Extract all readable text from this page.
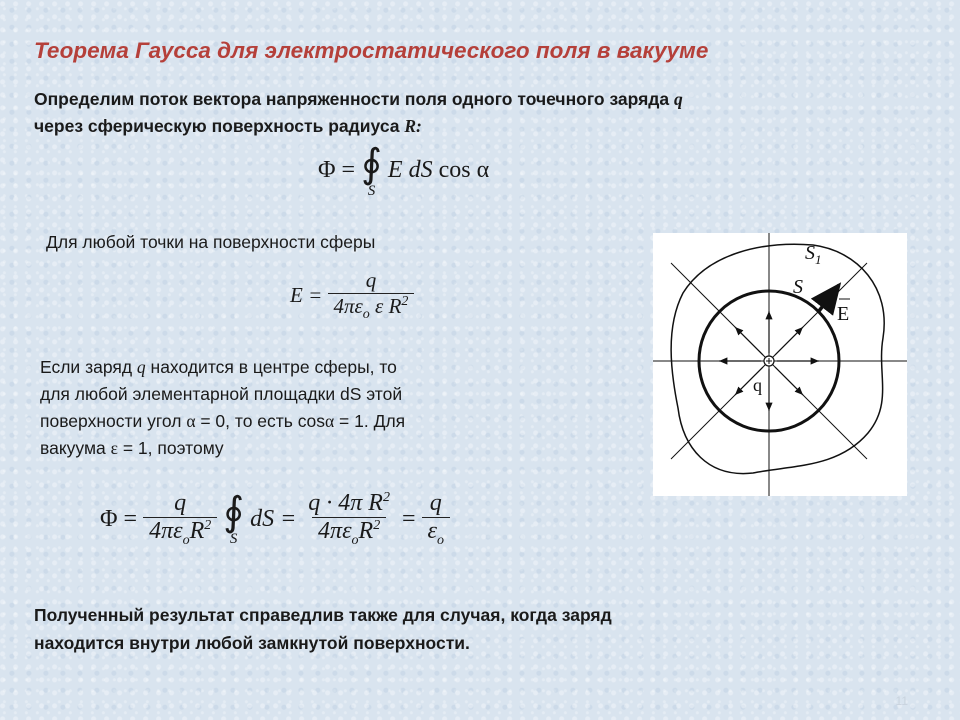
Теорема Гаусса для электростатического поля в вакууме
Определим поток вектора напряженности поля одного точечного заряда q
через сферическую поверхность радиуса R:
Φ = ∮
S
E dS cos α
Для любой точки на поверхности сферы
$E = \frac{q}{4\pi\varepsilon_o \varepsilon R^2}$
Если заряд q находится в центре сферы, то
для любой элементарной площадки dS этой
поверхности угол α = 0, то есть cosα = 1. Для
вакуума ε = 1, поэтому
$\Phi = \frac{q}{4\pi\varepsilon_oR^2}$
∮
S
dS = $\frac{q \cdot 4\pi R^2}{4\pi\varepsilon_oR^2} = \frac{q}{\varepsilon_o}$
$S_1$
S
E
q
Полученный результат справедлив также для случая, когда заряд
находится внутри любой замкнутой поверхности.
11
